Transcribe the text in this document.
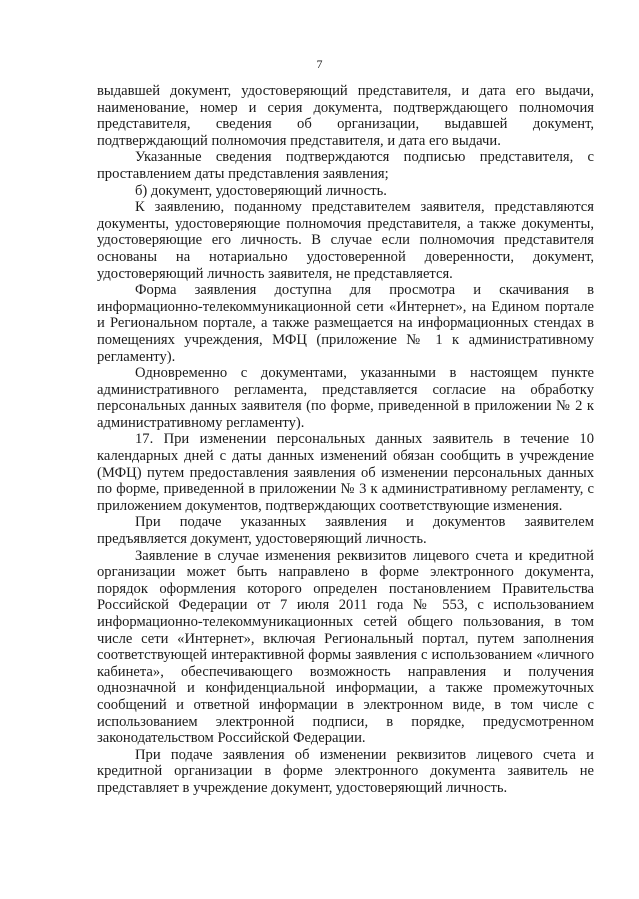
7

выдавшей документ, удостоверяющий представителя, и дата его выдачи, наименование, номер и серия документа, подтверждающего полномочия представителя, сведения об организации, выдавшей документ, подтверждающий полномочия представителя, и дата его выдачи.

Указанные сведения подтверждаются подписью представителя, с проставлением даты представления заявления;

б) документ, удостоверяющий личность.

К заявлению, поданному представителем заявителя, представляются документы, удостоверяющие полномочия представителя, а также документы, удостоверяющие его личность. В случае если полномочия представителя основаны на нотариально удостоверенной доверенности, документ, удостоверяющий личность заявителя, не представляется.

Форма заявления доступна для просмотра и скачивания в информационно-телекоммуникационной сети «Интернет», на Едином портале и Региональном портале, а также размещается на информационных стендах в помещениях учреждения, МФЦ (приложение № 1 к административному регламенту).

Одновременно с документами, указанными в настоящем пункте административного регламента, представляется согласие на обработку персональных данных заявителя (по форме, приведенной в приложении № 2 к административному регламенту).

17. При изменении персональных данных заявитель в течение 10 календарных дней с даты данных изменений обязан сообщить в учреждение (МФЦ) путем предоставления заявления об изменении персональных данных по форме, приведенной в приложении № 3 к административному регламенту, с приложением документов, подтверждающих соответствующие изменения.

При подаче указанных заявления и документов заявителем предъявляется документ, удостоверяющий личность.

Заявление в случае изменения реквизитов лицевого счета и кредитной организации может быть направлено в форме электронного документа, порядок оформления которого определен постановлением Правительства Российской Федерации от 7 июля 2011 года № 553, с использованием информационно-телекоммуникационных сетей общего пользования, в том числе сети «Интернет», включая Региональный портал, путем заполнения соответствующей интерактивной формы заявления с использованием «личного кабинета», обеспечивающего возможность направления и получения однозначной и конфиденциальной информации, а также промежуточных сообщений и ответной информации в электронном виде, в том числе с использованием электронной подписи, в порядке, предусмотренном законодательством Российской Федерации.

При подаче заявления об изменении реквизитов лицевого счета и кредитной организации в форме электронного документа заявитель не представляет в учреждение документ, удостоверяющий личность.
